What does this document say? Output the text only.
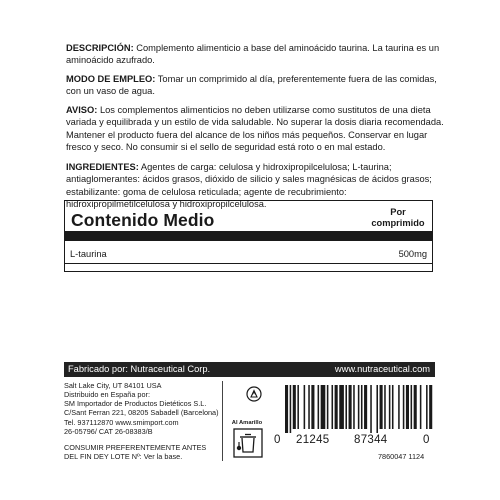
DESCRIPCIÓN: Complemento alimenticio a base del aminoácido taurina. La taurina es un aminoácido azufrado.
MODO DE EMPLEO: Tomar un comprimido al día, preferentemente fuera de las comidas, con un vaso de agua.
AVISO: Los complementos alimenticios no deben utilizarse como sustitutos de una dieta variada y equilibrada y un estilo de vida saludable. No superar la dosis diaria recomendada. Mantener el producto fuera del alcance de los niños más pequeños. Conservar en lugar fresco y seco. No consumir si el sello de seguridad está roto o en mal estado.
INGREDIENTES: Agentes de carga: celulosa y hidroxipropilcelulosa; L-taurina; antiaglomerantes: ácidos grasos, dióxido de silicio y sales magnésicas de ácidos grasos; estabilizante: goma de celulosa reticulada; agente de recubrimiento: hidroxipropilmetilcelulosa y hidroxipropilcelulosa.
Contenido Medio	Por
comprimido
L-taurina	500mg
Fabricado por: Nutraceutical Corp.	www.nutraceutical.com
Salt Lake City, UT 84101 USA
Distribuido en España por:
SM Importador de Productos Dietéticos S.L.
C/Sant Ferran 221, 08205 Sabadell (Barcelona)
Tel. 937112870 www.smimport.com
26-05796/ CAT 26-08383/B
CONSUMIR PREFERENTEMENTE ANTES
DEL FIN DEY LOTE Nº: Ver la base.
Al Amarillo
0 21245 87344	0
7860047 1124
